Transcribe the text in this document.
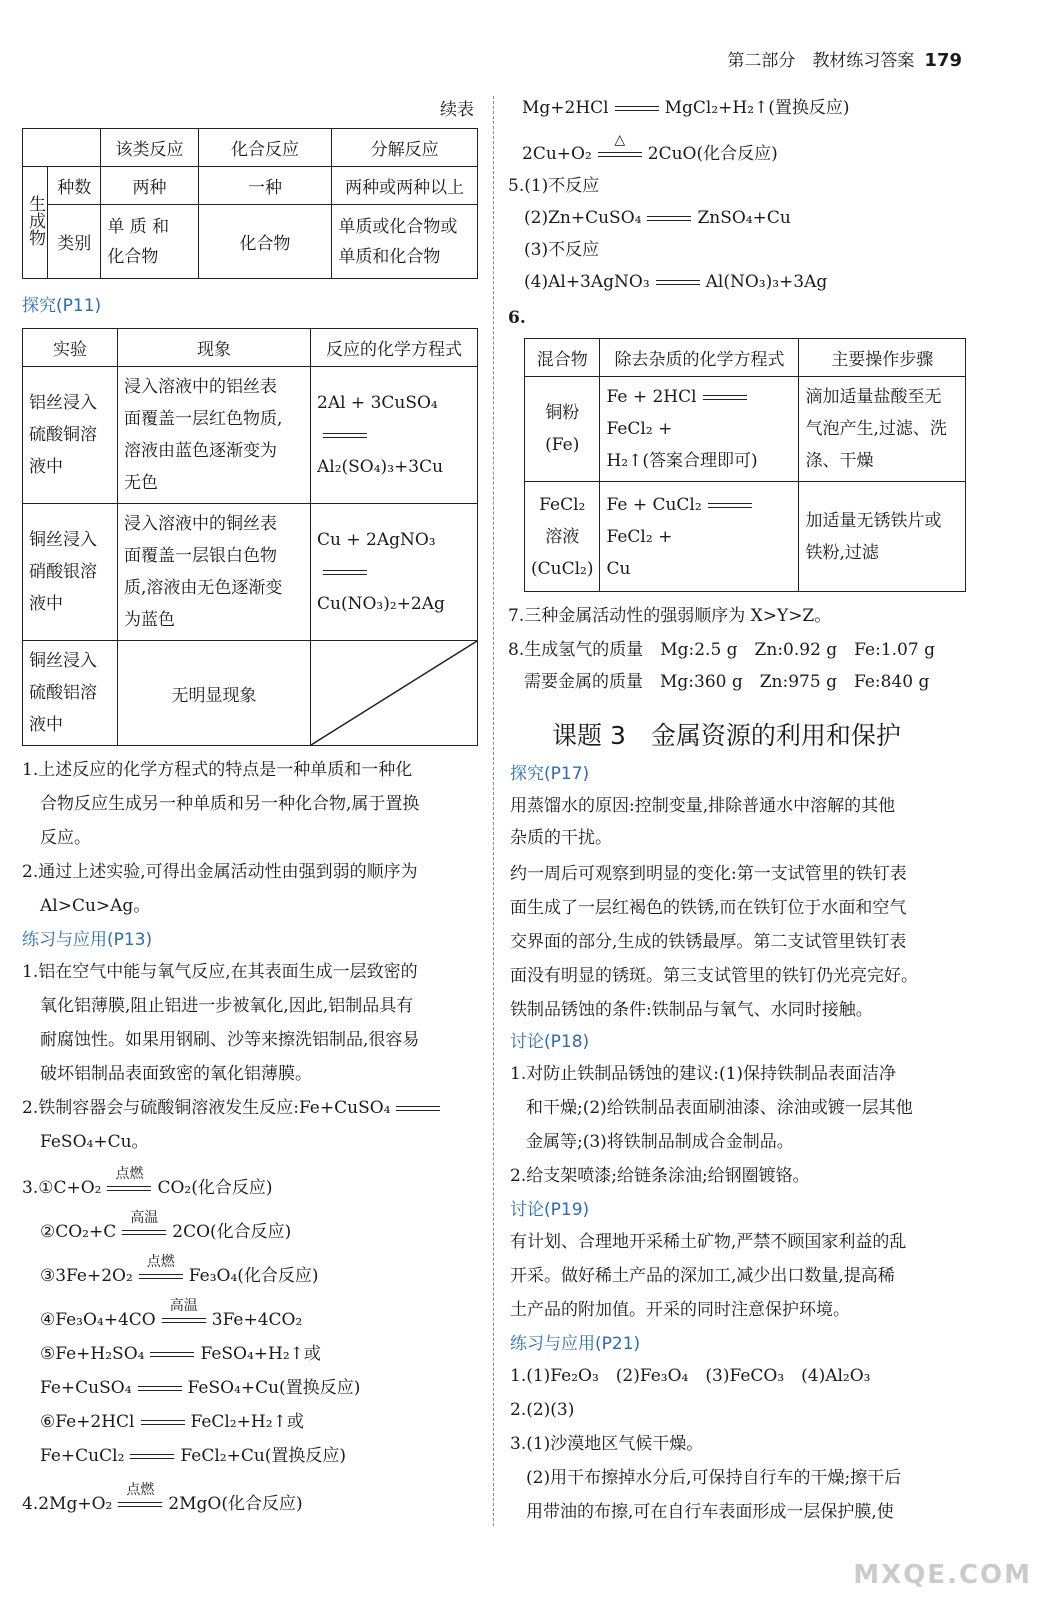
第二部分　教材练习答案 179
续表
		该类反应	化合反应	分解反应
生成物	种数	两种	一种	两种或两种以上
	类别	单 质 和
化合物	化合物	单质或化合物或
单质和化合物
探究(P11)
实验	现象	反应的化学方程式
铝丝浸入
硫酸铜溶
液中	浸入溶液中的铝丝表
面覆盖一层红色物质,
溶液由蓝色逐渐变为
无色	2Al + 3CuSO₄
Al₂(SO₄)₃+3Cu
铜丝浸入
硝酸银溶
液中	浸入溶液中的铜丝表
面覆盖一层银白色物
质,溶液由无色逐渐变
为蓝色	Cu + 2AgNO₃
Cu(NO₃)₂+2Ag
铜丝浸入
硫酸铝溶
液中	无明显现象	
1.上述反应的化学方程式的特点是一种单质和一种化
合物反应生成另一种单质和另一种化合物,属于置换
反应。
2.通过上述实验,可得出金属活动性由强到弱的顺序为
Al>Cu>Ag。
练习与应用(P13)
1.铝在空气中能与氧气反应,在其表面生成一层致密的
氧化铝薄膜,阻止铝进一步被氧化,因此,铝制品具有
耐腐蚀性。如果用钢刷、沙等来擦洗铝制品,很容易
破坏铝制品表面致密的氧化铝薄膜。
2.铁制容器会与硫酸铜溶液发生反应:Fe+CuSO₄
FeSO₄+Cu。
3.①C+O₂
点燃
CO₂(化合反应)
②CO₂+C
高温
2CO(化合反应)
③3Fe+2O₂
点燃
Fe₃O₄(化合反应)
④Fe₃O₄+4CO
高温
3Fe+4CO₂
⑤Fe+H₂SO₄	FeSO₄+H₂↑或
Fe+CuSO₄	FeSO₄+Cu(置换反应)
⑥Fe+2HCl	FeCl₂+H₂↑或
Fe+CuCl₂	FeCl₂+Cu(置换反应)
4.2Mg+O₂
点燃
2MgO(化合反应)
Mg+2HCl	MgCl₂+H₂↑(置换反应)
2Cu+O₂
△
2CuO(化合反应)
5.(1)不反应
(2)Zn+CuSO₄	ZnSO₄+Cu
(3)不反应
(4)Al+3AgNO₃	Al(NO₃)₃+3Ag
6.
混合物	除去杂质的化学方程式	主要操作步骤
铜粉
(Fe)	Fe + 2HClFeCl₂ +
H₂↑(答案合理即可)	滴加适量盐酸至无
气泡产生,过滤、洗
涤、干燥
FeCl₂
溶液
(CuCl₂)	Fe + CuCl₂FeCl₂ +
Cu	加适量无锈铁片或
铁粉,过滤
7.三种金属活动性的强弱顺序为 X>Y>Z。
8.生成氢气的质量　Mg:2.5 g　Zn:0.92 g　Fe:1.07 g
需要金属的质量　Mg:360 g　Zn:975 g　Fe:840 g
课题 3　金属资源的利用和保护
探究(P17)
用蒸馏水的原因:控制变量,排除普通水中溶解的其他
杂质的干扰。
约一周后可观察到明显的变化:第一支试管里的铁钉表
面生成了一层红褐色的铁锈,而在铁钉位于水面和空气
交界面的部分,生成的铁锈最厚。第二支试管里铁钉表
面没有明显的锈斑。第三支试管里的铁钉仍光亮完好。
铁制品锈蚀的条件:铁制品与氧气、水同时接触。
讨论(P18)
1.对防止铁制品锈蚀的建议:(1)保持铁制品表面洁净
和干燥;(2)给铁制品表面刷油漆、涂油或镀一层其他
金属等;(3)将铁制品制成合金制品。
2.给支架喷漆;给链条涂油;给钢圈镀铬。
讨论(P19)
有计划、合理地开采稀土矿物,严禁不顾国家利益的乱
开采。做好稀土产品的深加工,减少出口数量,提高稀
土产品的附加值。开采的同时注意保护环境。
练习与应用(P21)
1.(1)Fe₂O₃　(2)Fe₃O₄　(3)FeCO₃　(4)Al₂O₃
2.(2)(3)
3.(1)沙漠地区气候干燥。
(2)用干布擦掉水分后,可保持自行车的干燥;擦干后
用带油的布擦,可在自行车表面形成一层保护膜,使
MXQE.COM
